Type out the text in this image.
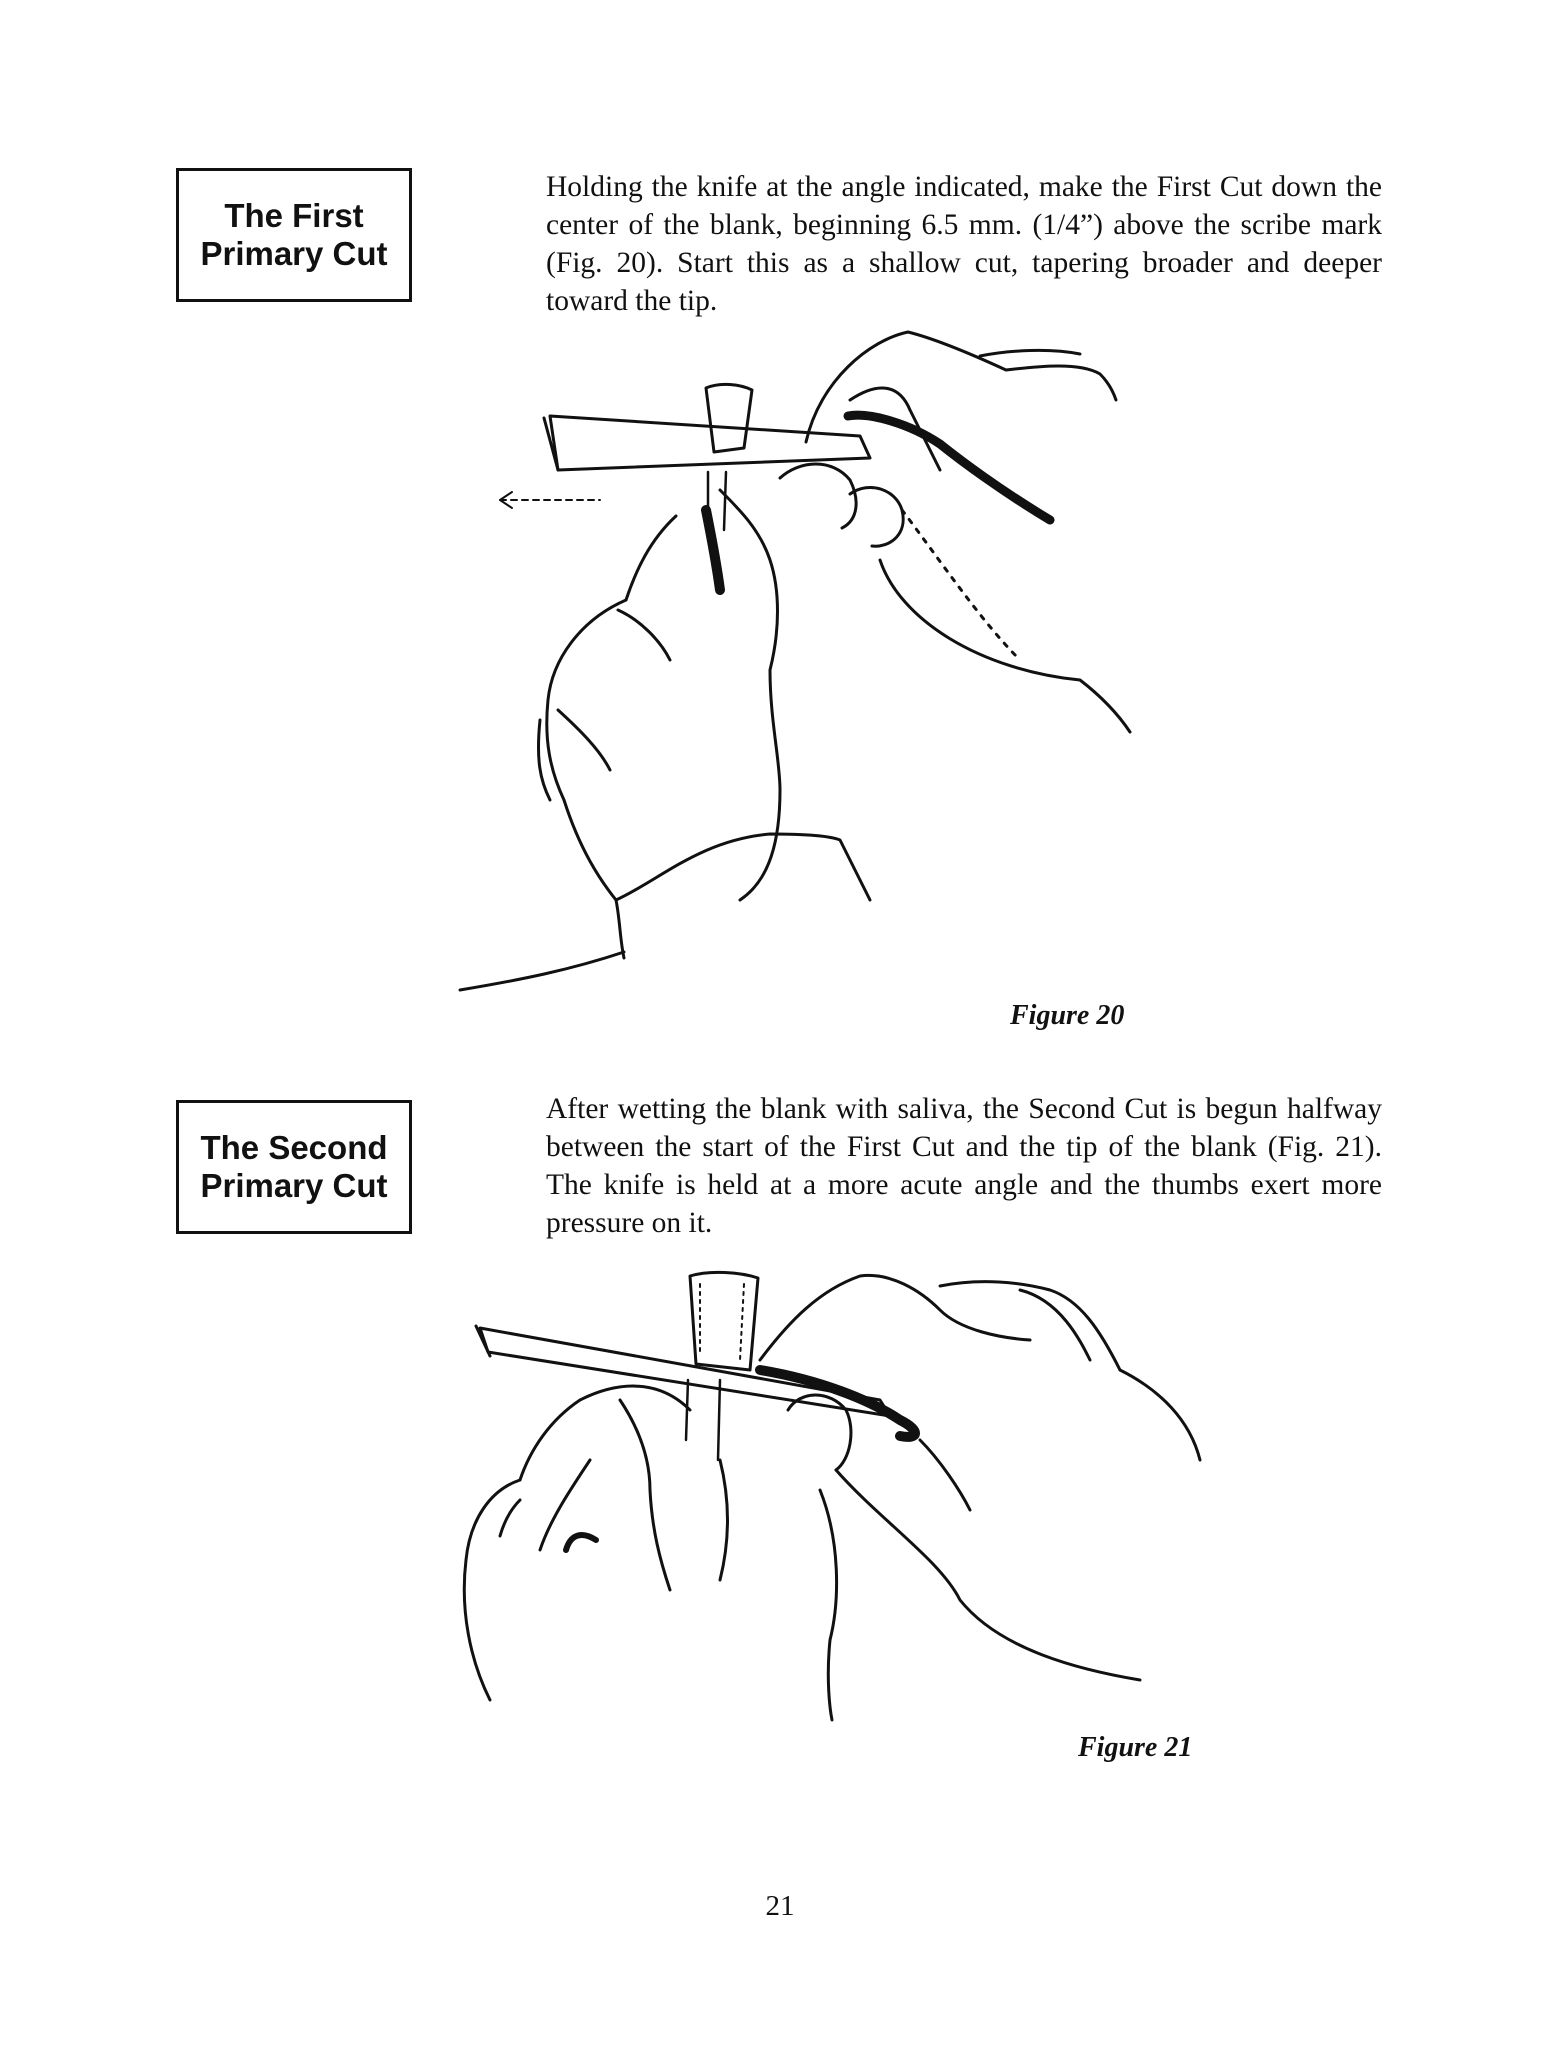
The First
Primary Cut
Holding the knife at the angle indicated, make the First Cut down the center of the blank, beginning 6.5 mm. (1/4”) above the scribe mark (Fig. 20). Start this as a shallow cut, tapering broader and deeper toward the tip.
Figure 20
The Second
Primary Cut
After wetting the blank with saliva, the Second Cut is begun halfway between the start of the First Cut and the tip of the blank (Fig. 21). The knife is held at a more acute angle and the thumbs exert more pressure on it.
Figure 21
21
